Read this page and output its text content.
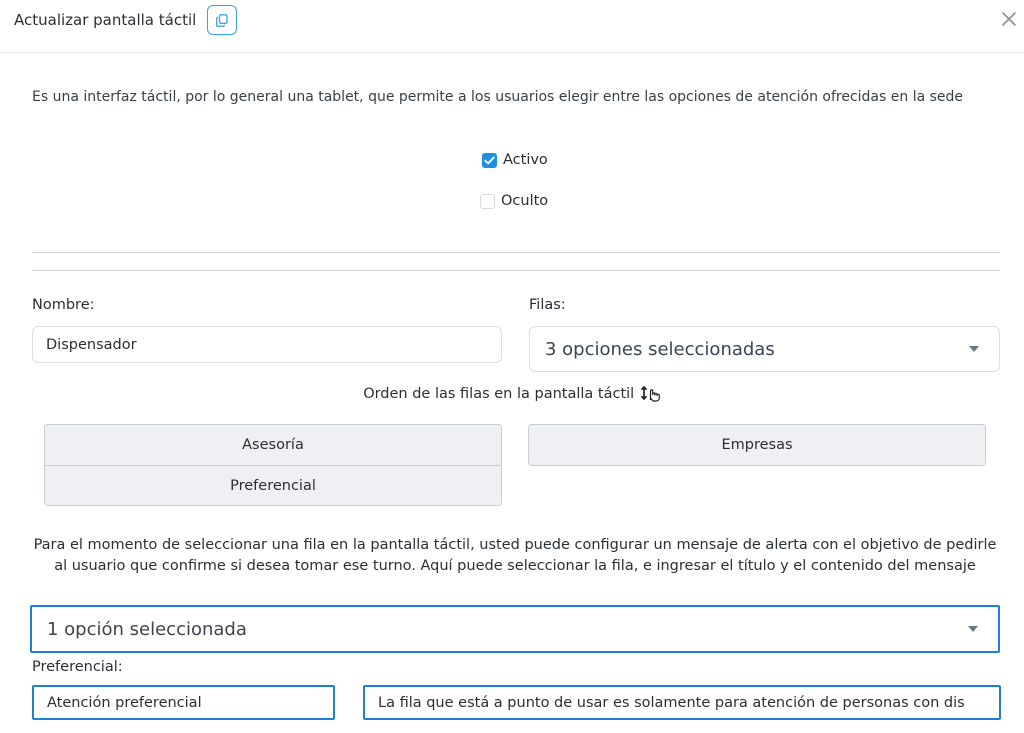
Actualizar pantalla táctil
Es una interfaz táctil, por lo general una tablet, que permite a los usuarios elegir entre las opciones de atención ofrecidas en la sede
Activo
Oculto
Nombre:
Dispensador
Filas:
3 opciones seleccionadas
Orden de las filas en la pantalla táctil
Asesoría
Preferencial
Empresas
Para el momento de seleccionar una fila en la pantalla táctil, usted puede configurar un mensaje de alerta con el objetivo de pedirle al usuario que confirme si desea tomar ese turno. Aquí puede seleccionar la fila, e ingresar el título y el contenido del mensaje
1 opción seleccionada
Preferencial:
Atención preferencial	La fila que está a punto de usar es solamente para atención de personas con dis
